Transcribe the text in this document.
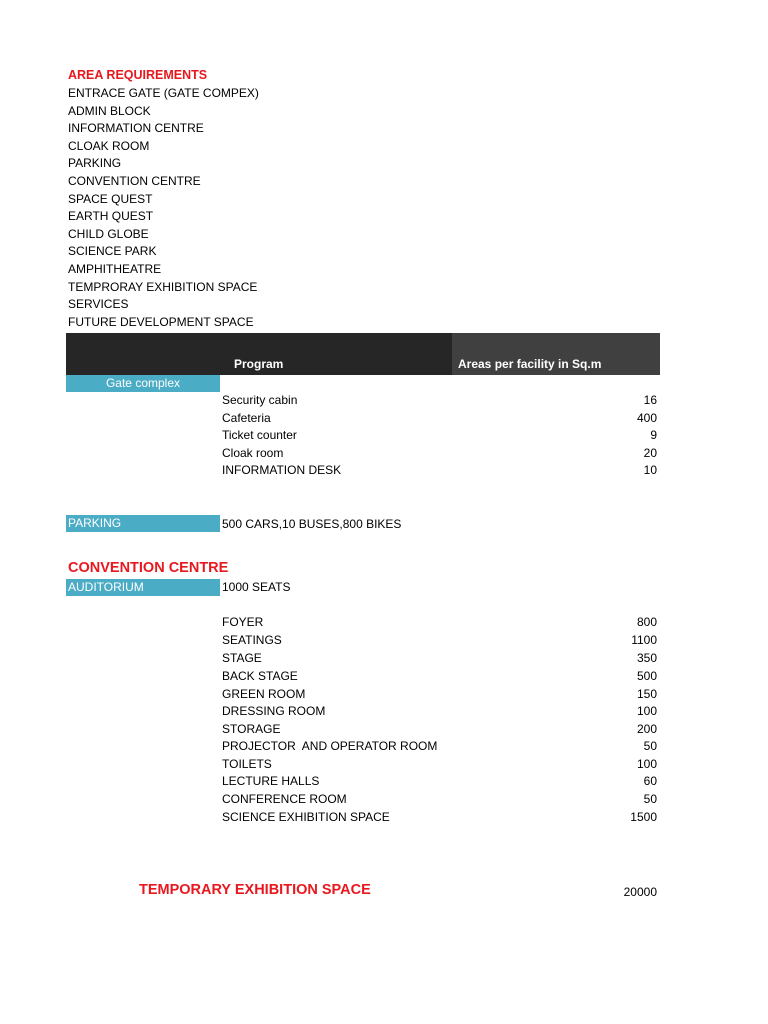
AREA REQUIREMENTS
ENTRACE GATE (GATE COMPEX)
ADMIN BLOCK
INFORMATION CENTRE
CLOAK ROOM
PARKING
CONVENTION CENTRE
SPACE QUEST
EARTH QUEST
CHILD GLOBE
SCIENCE PARK
AMPHITHEATRE
TEMPRORAY EXHIBITION SPACE
SERVICES
FUTURE DEVELOPMENT SPACE
Program	Areas per facility in Sq.m
Gate complex
Security cabin	16
Cafeteria	400
Ticket counter	9
Cloak room	20
INFORMATION DESK	10
PARKING	500 CARS,10 BUSES,800 BIKES
CONVENTION CENTRE
AUDITORIUM	1000 SEATS
FOYER	800
SEATINGS	1100
STAGE	350
BACK STAGE	500
GREEN ROOM	150
DRESSING ROOM	100
STORAGE	200
PROJECTOR  AND OPERATOR ROOM	50
TOILETS	100
LECTURE HALLS	60
CONFERENCE ROOM	50
SCIENCE EXHIBITION SPACE	1500
TEMPORARY EXHIBITION SPACE	20000
